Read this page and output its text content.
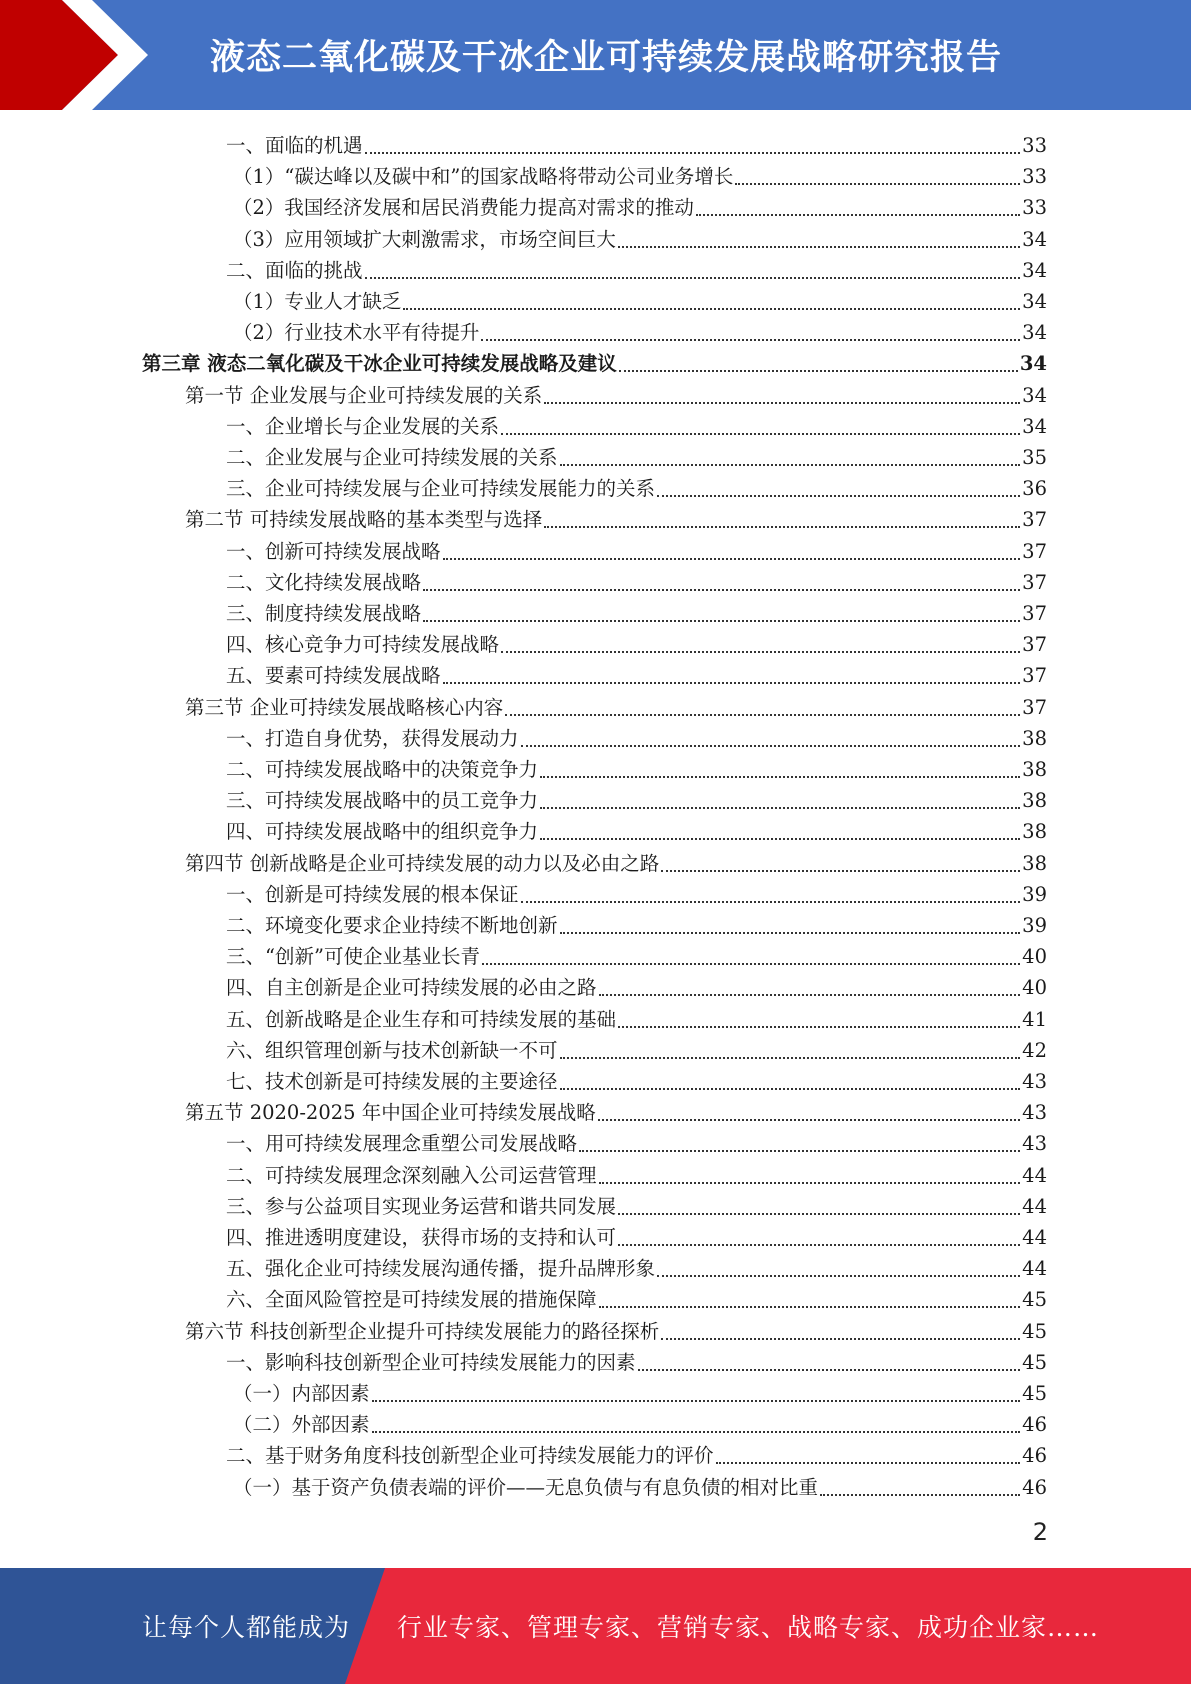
液态二氧化碳及干冰企业可持续发展战略研究报告
一、面临的机遇	33
（1）“碳达峰以及碳中和”的国家战略将带动公司业务增长	33
（2）我国经济发展和居民消费能力提高对需求的推动	33
（3）应用领域扩大刺激需求，市场空间巨大	34
二、面临的挑战	34
（1）专业人才缺乏	34
（2）行业技术水平有待提升	34
第三章 液态二氧化碳及干冰企业可持续发展战略及建议	34
第一节 企业发展与企业可持续发展的关系	34
一、企业增长与企业发展的关系	34
二、企业发展与企业可持续发展的关系	35
三、企业可持续发展与企业可持续发展能力的关系	36
第二节 可持续发展战略的基本类型与选择	37
一、创新可持续发展战略	37
二、文化持续发展战略	37
三、制度持续发展战略	37
四、核心竞争力可持续发展战略	37
五、要素可持续发展战略	37
第三节 企业可持续发展战略核心内容	37
一、打造自身优势，获得发展动力	38
二、可持续发展战略中的决策竞争力	38
三、可持续发展战略中的员工竞争力	38
四、可持续发展战略中的组织竞争力	38
第四节 创新战略是企业可持续发展的动力以及必由之路	38
一、创新是可持续发展的根本保证	39
二、环境变化要求企业持续不断地创新	39
三、“创新”可使企业基业长青	40
四、自主创新是企业可持续发展的必由之路	40
五、创新战略是企业生存和可持续发展的基础	41
六、组织管理创新与技术创新缺一不可	42
七、技术创新是可持续发展的主要途径	43
第五节 2020-2025 年中国企业可持续发展战略	43
一、用可持续发展理念重塑公司发展战略	43
二、可持续发展理念深刻融入公司运营管理	44
三、参与公益项目实现业务运营和谐共同发展	44
四、推进透明度建设，获得市场的支持和认可	44
五、强化企业可持续发展沟通传播，提升品牌形象	44
六、全面风险管控是可持续发展的措施保障	45
第六节 科技创新型企业提升可持续发展能力的路径探析	45
一、影响科技创新型企业可持续发展能力的因素	45
（一）内部因素	45
（二）外部因素	46
二、基于财务角度科技创新型企业可持续发展能力的评价	46
（一）基于资产负债表端的评价——无息负债与有息负债的相对比重	46
2
让每个人都能成为 行业专家、管理专家、营销专家、战略专家、成功企业家……
